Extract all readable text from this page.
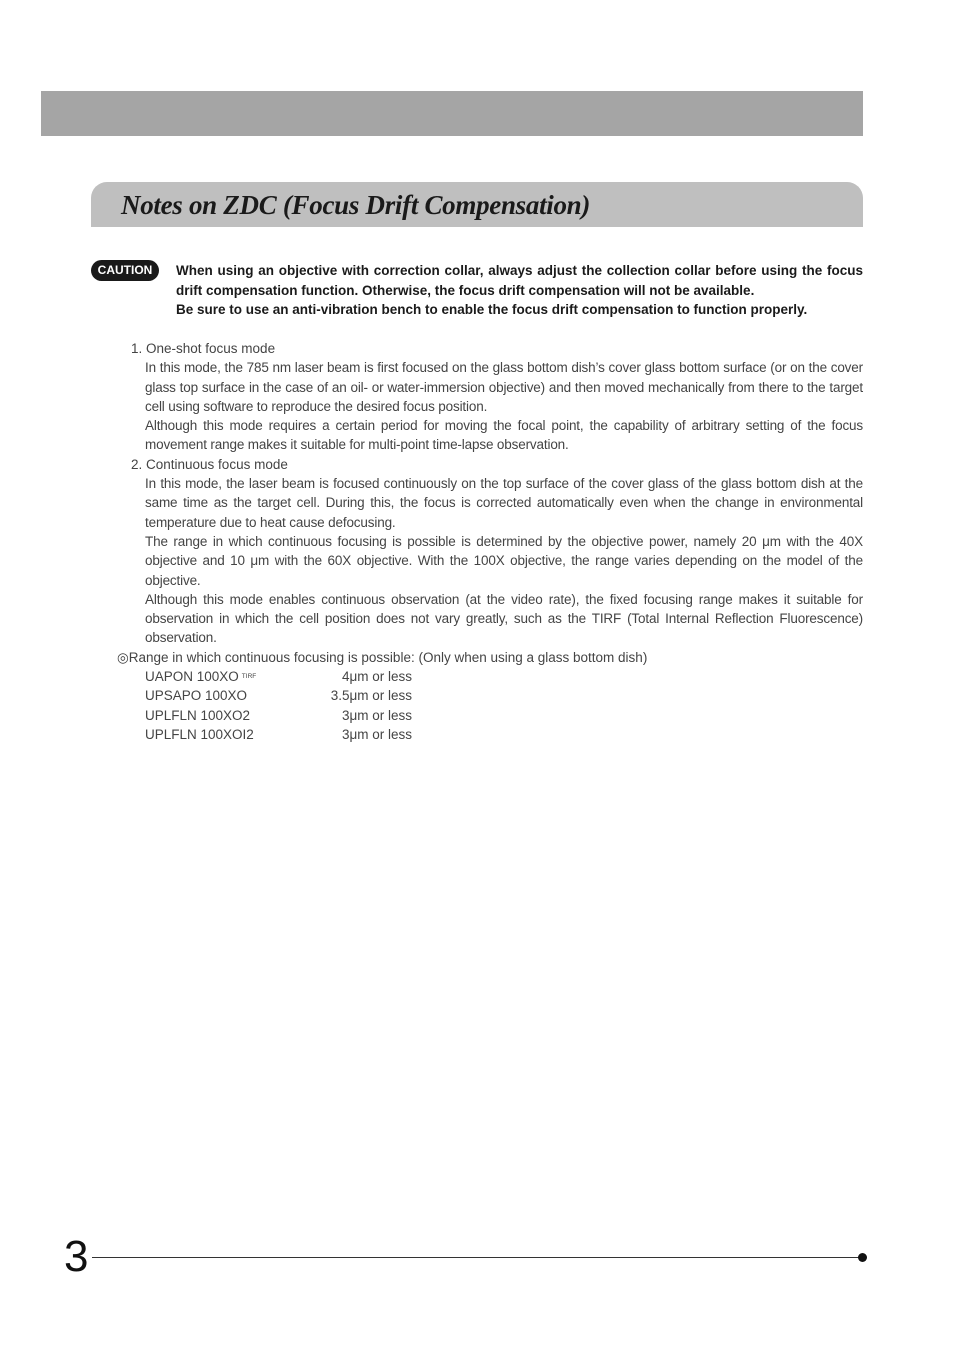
Notes on ZDC (Focus Drift Compensation)
CAUTION	When using an objective with correction collar, always adjust the collection collar before using the focus drift compensation function. Otherwise, the focus drift compensation will not be available.
Be sure to use an anti-vibration bench to enable the focus drift compensation to function properly.

1. One-shot focus mode

In this mode, the 785 nm laser beam is first focused on the glass bottom dish’s cover glass bottom surface (or on the cover glass top surface in the case of an oil- or water-immersion objective) and then moved mechanically from there to the target cell using software to reproduce the desired focus position.

Although this mode requires a certain period for moving the focal point, the capability of arbitrary setting of the focus movement range makes it suitable for multi-point time-lapse observation.

2. Continuous focus mode

In this mode, the laser beam is focused continuously on the top surface of the cover glass of the glass bottom dish at the same time as the target cell. During this, the focus is corrected automatically even when the change in environmental temperature due to heat cause defocusing.

The range in which continuous focusing is possible is determined by the objective power, namely 20 μm with the 40X objective and 10 μm with the 60X objective. With the 100X objective, the range varies depending on the model of the objective.

Although this mode enables continuous observation (at the video rate), the fixed focusing range makes it suitable for observation in which the cell position does not vary greatly, such as the TIRF (Total Internal Reflection Fluorescence) observation.

◎Range in which continuous focusing is possible: (Only when using a glass bottom dish)
UAPON 100XO $^{TIRF}$	4μm or less
UPSAPO 100XO	3.5μm or less
UPLFLN 100XO2	3μm or less
UPLFLN 100XOI2	3μm or less
3
